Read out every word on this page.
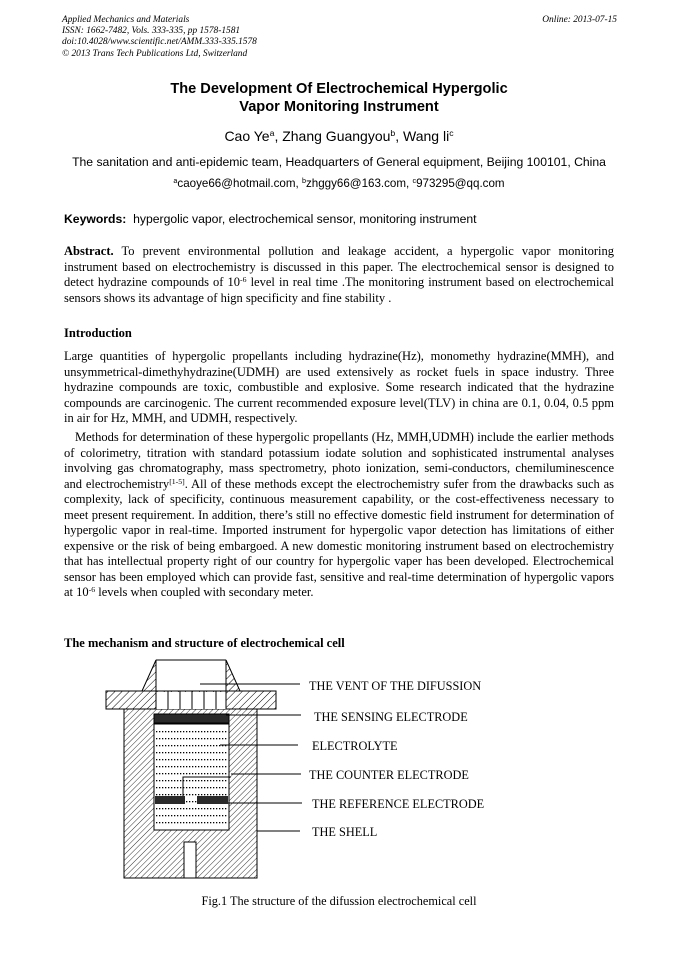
Applied Mechanics and Materials
ISSN: 1662-7482, Vols. 333-335, pp 1578-1581
doi:10.4028/www.scientific.net/AMM.333-335.1578
© 2013 Trans Tech Publications Ltd, Switzerland
Online: 2013-07-15
The Development Of Electrochemical Hypergolic
Vapor Monitoring Instrument
Cao Ye$^a$, Zhang Guangyou$^b$, Wang $li^c$
The sanitation and anti-epidemic team, Headquarters of General equipment, Beijing 100101, China
$^a$caoye66@hotmail.com, $^b$zhggy66@163.com, $^c$973295@qq.com
Keywords: hypergolic vapor, electrochemical sensor, monitoring instrument
Abstract. To prevent environmental pollution and leakage accident, a hypergolic vapor monitoring instrument based on electrochemistry is discussed in this paper. The electrochemical sensor is designed to detect hydrazine compounds of $10^{-6}$ level in real time .The monitoring instrument based on electrochemical sensors shows its advantage of hign specificity and fine stability .
Introduction
Large quantities of hypergolic propellants including hydrazine(Hz), monomethy hydrazine(MMH), and unsymmetrical-dimethyhydrazine(UDMH) are used extensively as rocket fuels in space industry. Three hydrazine compounds are toxic, combustible and explosive. Some research indicated that the hydrazine compounds are carcinogenic. The current recommended exposure level(TLV) in china are 0.1, 0.04, 0.5 ppm in air for Hz, MMH, and UDMH, respectively.
Methods for determination of these hypergolic propellants (Hz, MMH,UDMH) include the earlier methods of colorimetry, titration with standard potassium iodate solution and sophisticated instrumental analyses involving gas chromatography, mass spectrometry, photo ionization, semi-conductors, chemiluminescence and electrochemistry[1-5]. All of these methods except the electrochemistry sufer from the drawbacks such as complexity, lack of specificity, continuous measurement capability, or the cost-effectiveness necessary to meet present requirement. In addition, there’s still no effective domestic field instrument for determination of hypergolic vapor in real-time. Imported instrument for hypergolic vapor detection has limitations of either expensive or the risk of being embargoed. A new domestic monitoring instrument based on electrochemistry that has intellectual property right of our country for hypergolic vaper has been developed. Electrochemical sensor has been employed which can provide fast, sensitive and real-time determination of hypergolic vapors at $10^{-6}$ levels when coupled with secondary meter.
The mechanism and structure of electrochemical cell
THE VENT OF THE DIFUSSION
THE SENSING ELECTRODE
ELECTROLYTE
THE COUNTER ELECTRODE
THE REFERENCE ELECTRODE
THE SHELL
Fig.1 The structure of the difussion electrochemical cell
